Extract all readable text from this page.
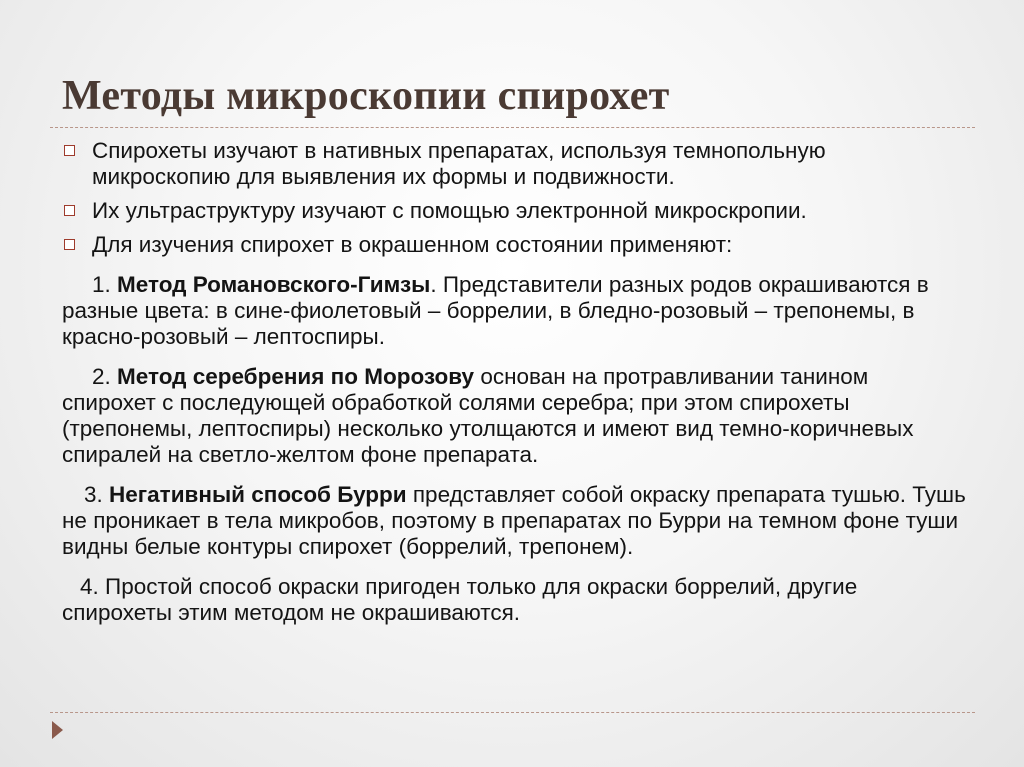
Методы микроскопии спирохет
Спирохеты изучают в нативных препаратах, используя темнопольную микроскопию для выявления их формы и подвижности.
Их ультраструктуру изучают с помощью электронной микроскропии.
Для изучения спирохет в окрашенном состоянии применяют:
1. Метод Романовского-Гимзы. Представители разных родов окрашиваются в разные цвета: в сине-фиолетовый – боррелии, в бледно-розовый – трепонемы, в красно-розовый – лептоспиры.
2. Метод серебрения по Морозову основан на протравливании танином спирохет с последующей обработкой солями серебра; при этом спирохеты (трепонемы, лептоспиры) несколько утолщаются и имеют вид темно-коричневых спиралей на светло-желтом фоне препарата.
3. Негативный способ Бурри представляет собой окраску препарата тушью. Тушь не проникает в тела микробов, поэтому в препаратах по Бурри на темном фоне туши видны белые контуры спирохет (боррелий, трепонем).
4. Простой способ окраски пригоден только для окраски боррелий, другие спирохеты этим методом не окрашиваются.
